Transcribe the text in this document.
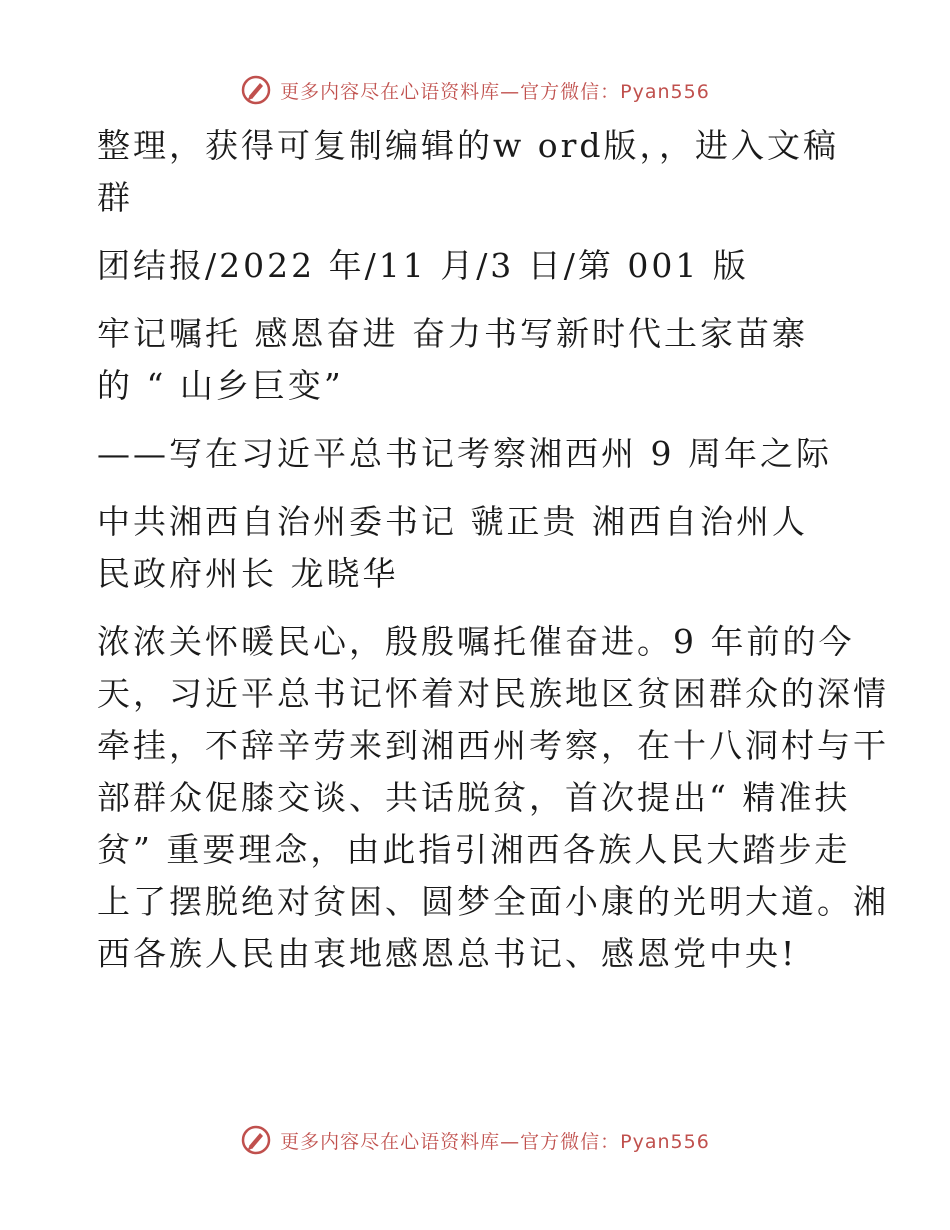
更多内容尽在心语资料库—官方微信：Pyan556

整理，获得可复制编辑的w ord版，，进入文稿

群

团结报/2022 年/11 月/3 日/第 001 版

牢记嘱托 感恩奋进 奋力书写新时代土家苗寨

的 “ 山乡巨变”

——写在习近平总书记考察湘西州 9 周年之际

中共湘西自治州委书记 虢正贵 湘西自治州人

民政府州长 龙晓华

浓浓关怀暖民心，殷殷嘱托催奋进。9 年前的今

天，习近平总书记怀着对民族地区贫困群众的深情

牵挂，不辞辛劳来到湘西州考察，在十八洞村与干

部群众促膝交谈、共话脱贫，首次提出“ 精准扶

贫” 重要理念，由此指引湘西各族人民大踏步走

上了摆脱绝对贫困、圆梦全面小康的光明大道。湘

西各族人民由衷地感恩总书记、感恩党中央!

更多内容尽在心语资料库—官方微信：Pyan556
